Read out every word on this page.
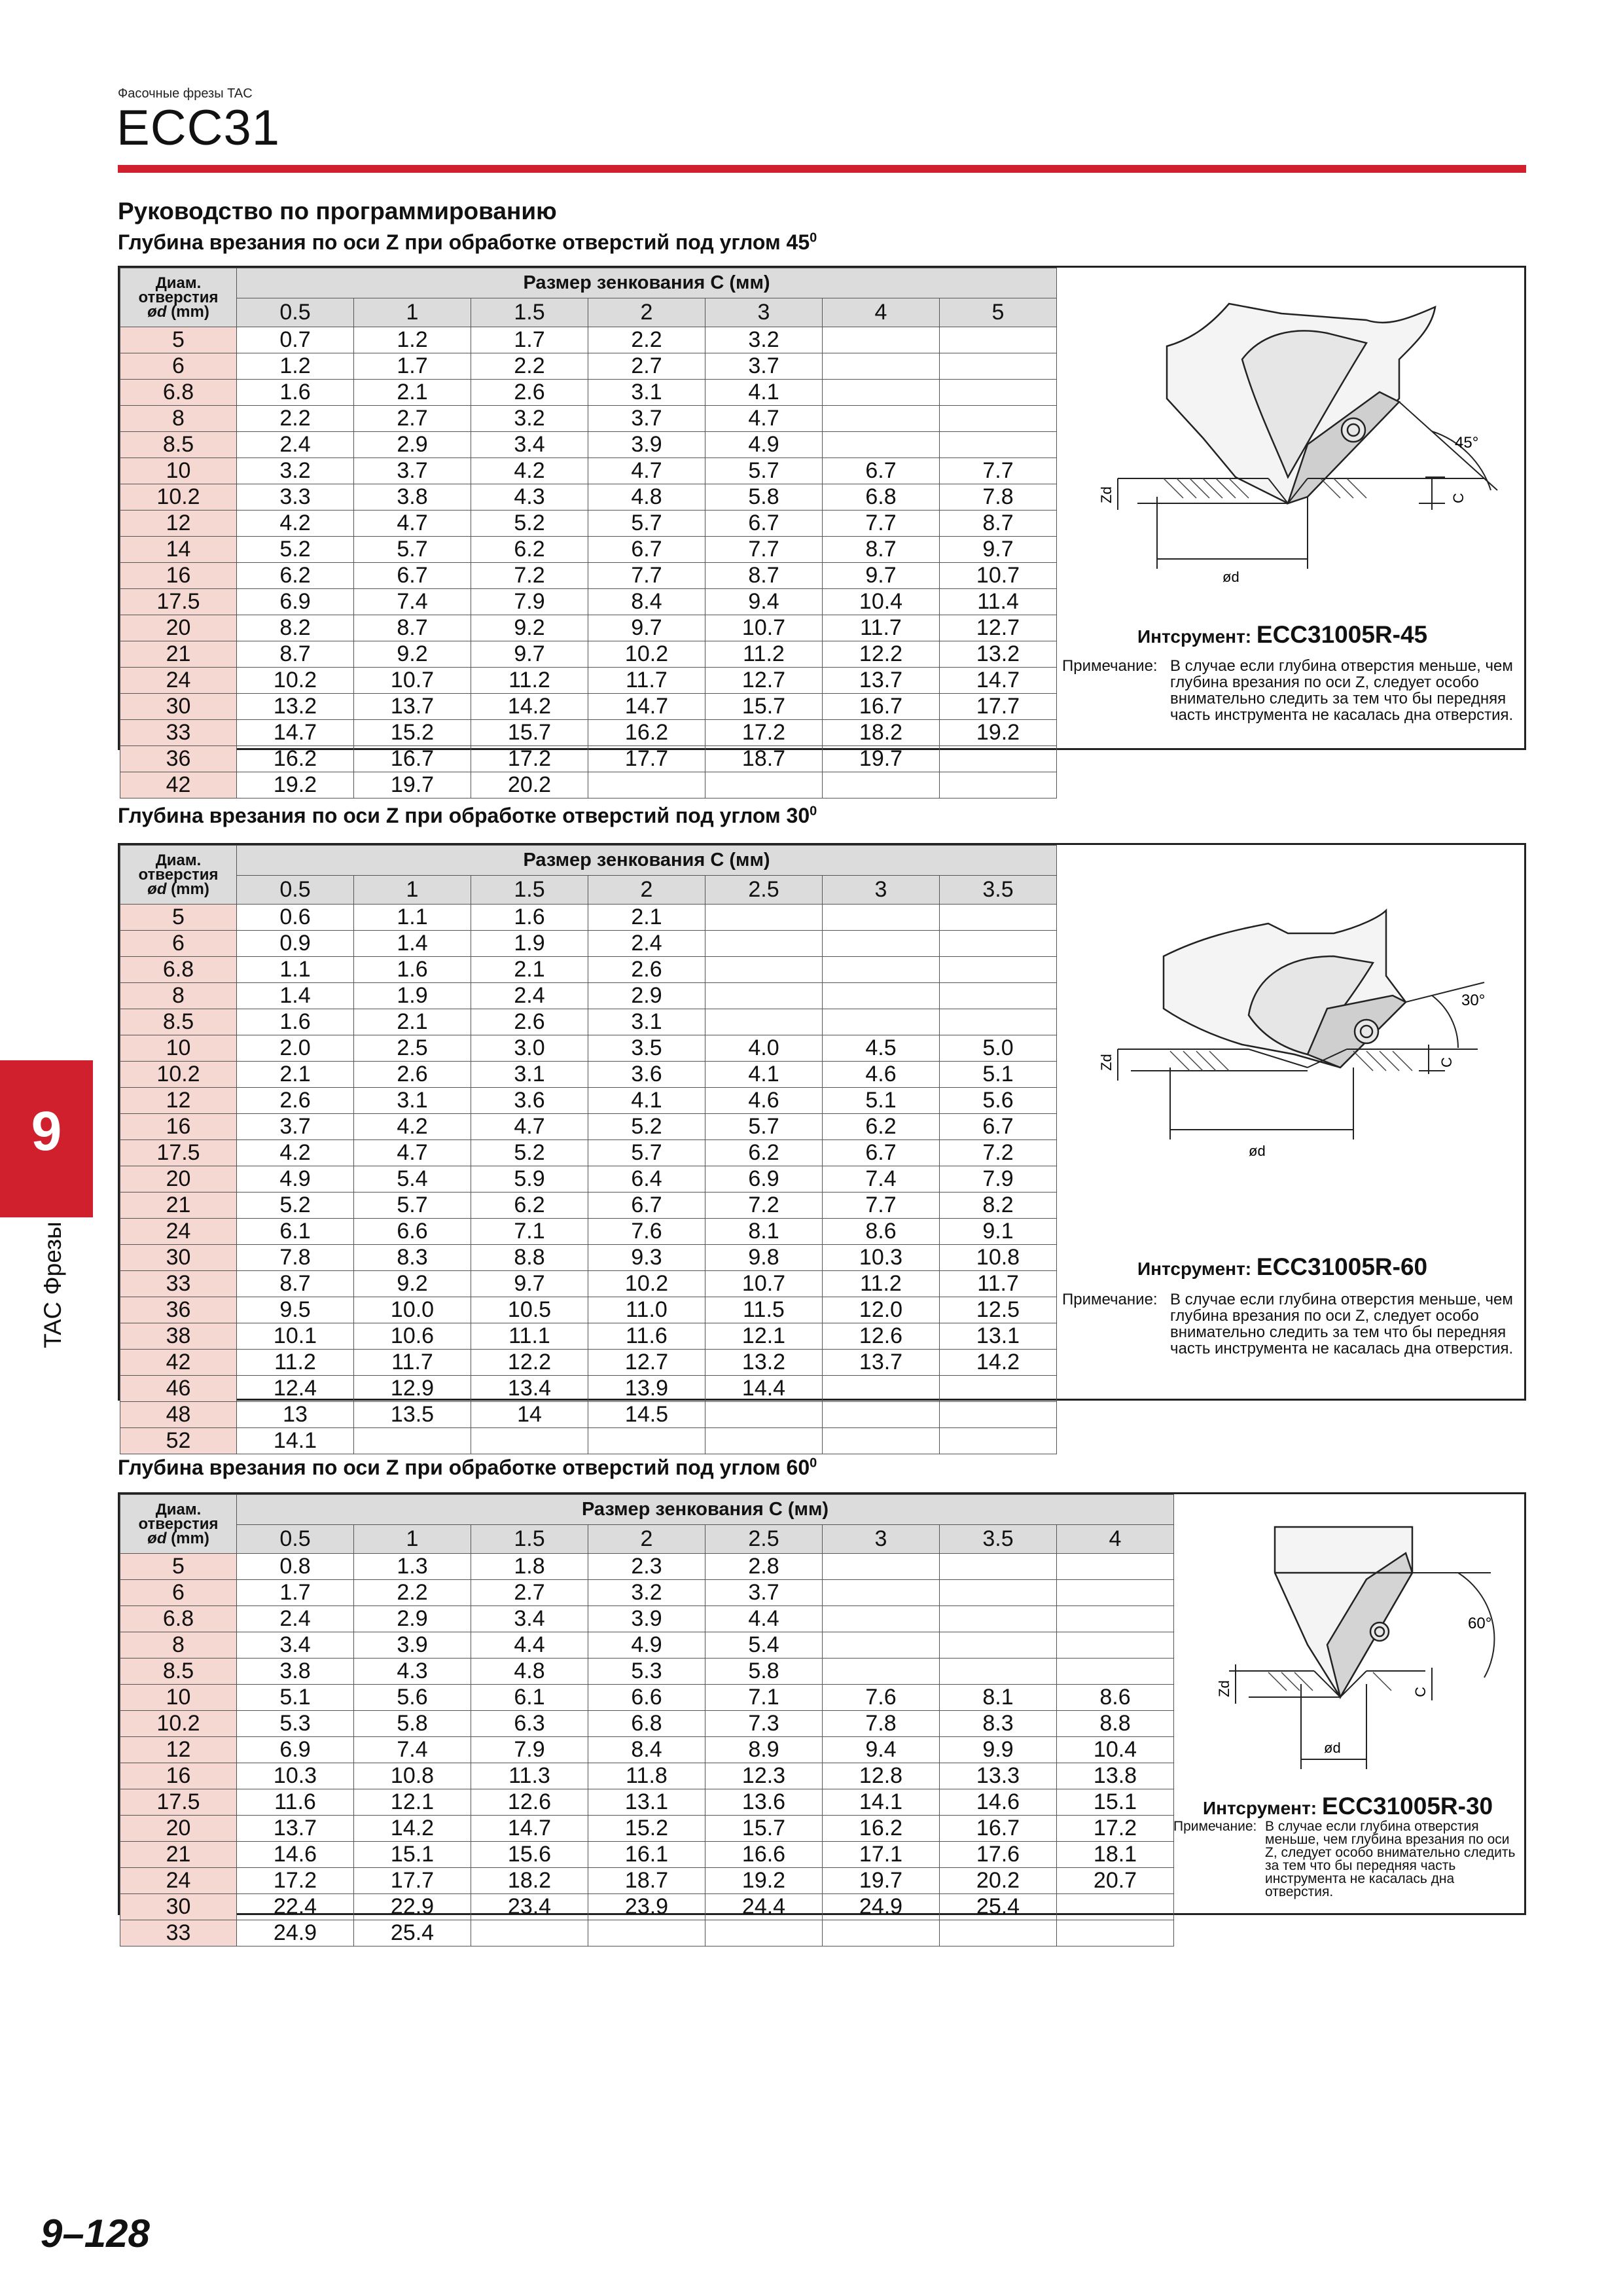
Фасочные фрезы TAC
ECC31
Руководство по программированию
Глубина врезания по оси Z при обработке отверстий под углом $45^0$
Диам.
отверстия
ød (mm)	Размер зенкования C (мм)						
	0.5	1	1.5	2	3	4	5
5	0.7	1.2	1.7	2.2	3.2		
6	1.2	1.7	2.2	2.7	3.7		
6.8	1.6	2.1	2.6	3.1	4.1		
8	2.2	2.7	3.2	3.7	4.7		
8.5	2.4	2.9	3.4	3.9	4.9		
10	3.2	3.7	4.2	4.7	5.7	6.7	7.7
10.2	3.3	3.8	4.3	4.8	5.8	6.8	7.8
12	4.2	4.7	5.2	5.7	6.7	7.7	8.7
14	5.2	5.7	6.2	6.7	7.7	8.7	9.7
16	6.2	6.7	7.2	7.7	8.7	9.7	10.7
17.5	6.9	7.4	7.9	8.4	9.4	10.4	11.4
20	8.2	8.7	9.2	9.7	10.7	11.7	12.7
21	8.7	9.2	9.7	10.2	11.2	12.2	13.2
24	10.2	10.7	11.2	11.7	12.7	13.7	14.7
30	13.2	13.7	14.2	14.7	15.7	16.7	17.7
33	14.7	15.2	15.7	16.2	17.2	18.2	19.2
36	16.2	16.7	17.2	17.7	18.7	19.7	
42	19.2	19.7	20.2				
45°
Zd	C
ød
Интсрумент: ECC31005R-45
Примечание: В случае если глубина отверстия меньше, чем глубина врезания по оси Z, следует особо внимательно следить за тем что бы передняя часть инструмента не касалась дна отверстия.
Глубина врезания по оси Z при обработке отверстий под углом $30^0$
Диам.
отверстия
ød (mm)	Размер зенкования C (мм)						
	0.5	1	1.5	2	2.5	3	3.5
5	0.6	1.1	1.6	2.1			
6	0.9	1.4	1.9	2.4			
6.8	1.1	1.6	2.1	2.6			
8	1.4	1.9	2.4	2.9			
8.5	1.6	2.1	2.6	3.1			
10	2.0	2.5	3.0	3.5	4.0	4.5	5.0
10.2	2.1	2.6	3.1	3.6	4.1	4.6	5.1
12	2.6	3.1	3.6	4.1	4.6	5.1	5.6
16	3.7	4.2	4.7	5.2	5.7	6.2	6.7
17.5	4.2	4.7	5.2	5.7	6.2	6.7	7.2
20	4.9	5.4	5.9	6.4	6.9	7.4	7.9
21	5.2	5.7	6.2	6.7	7.2	7.7	8.2
24	6.1	6.6	7.1	7.6	8.1	8.6	9.1
30	7.8	8.3	8.8	9.3	9.8	10.3	10.8
33	8.7	9.2	9.7	10.2	10.7	11.2	11.7
36	9.5	10.0	10.5	11.0	11.5	12.0	12.5
38	10.1	10.6	11.1	11.6	12.1	12.6	13.1
42	11.2	11.7	12.2	12.7	13.2	13.7	14.2
46	12.4	12.9	13.4	13.9	14.4		
48	13	13.5	14	14.5			
52	14.1						
30°
Zd	C
ød
Интсрумент: ECC31005R-60
Примечание: В случае если глубина отверстия меньше, чем глубина врезания по оси Z, следует особо внимательно следить за тем что бы передняя часть инструмента не касалась дна отверстия.
Глубина врезания по оси Z при обработке отверстий под углом $60^0$
Диам.
отверстия
ød (mm)	Размер зенкования C (мм)							
	0.5	1	1.5	2	2.5	3	3.5	4
5	0.8	1.3	1.8	2.3	2.8			
6	1.7	2.2	2.7	3.2	3.7			
6.8	2.4	2.9	3.4	3.9	4.4			
8	3.4	3.9	4.4	4.9	5.4			
8.5	3.8	4.3	4.8	5.3	5.8			
10	5.1	5.6	6.1	6.6	7.1	7.6	8.1	8.6
10.2	5.3	5.8	6.3	6.8	7.3	7.8	8.3	8.8
12	6.9	7.4	7.9	8.4	8.9	9.4	9.9	10.4
16	10.3	10.8	11.3	11.8	12.3	12.8	13.3	13.8
17.5	11.6	12.1	12.6	13.1	13.6	14.1	14.6	15.1
20	13.7	14.2	14.7	15.2	15.7	16.2	16.7	17.2
21	14.6	15.1	15.6	16.1	16.6	17.1	17.6	18.1
24	17.2	17.7	18.2	18.7	19.2	19.7	20.2	20.7
30	22.4	22.9	23.4	23.9	24.4	24.9	25.4	
33	24.9	25.4						
60°
Zd	C
ød
Интсрумент: ECC31005R-30
Примечание: В случае если глубина отверстия меньше, чем глубина врезания по оси Z, следует особо внимательно следить за тем что бы передняя часть инструмента не касалась дна отверстия.
9
TAC Фрезы
9–128
